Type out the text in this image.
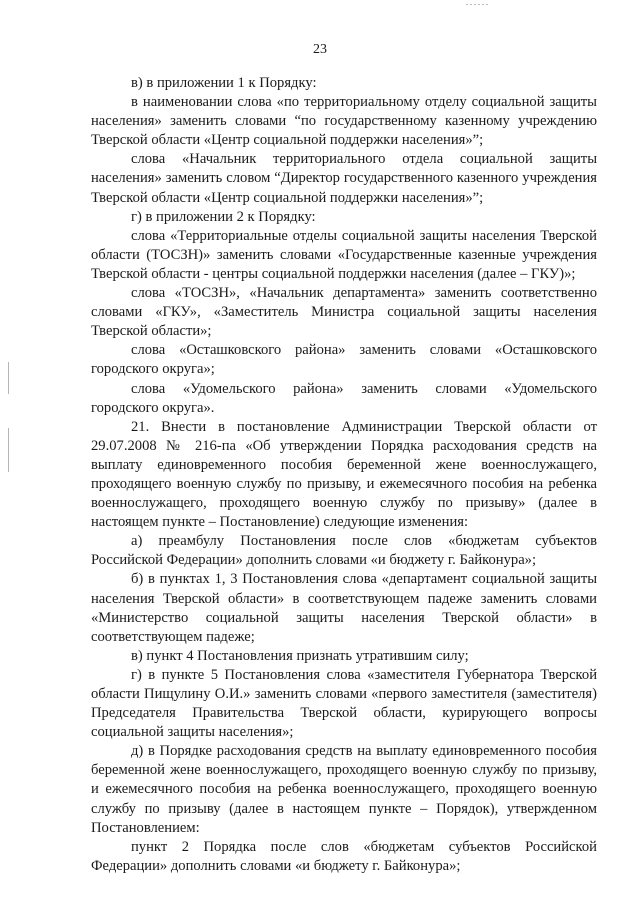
23

в) в приложении 1 к Порядку:

в наименовании слова «по территориальному отделу социальной защиты населения» заменить словами “по государственному казенному учреждению Тверской области «Центр социальной поддержки населения»”;

слова «Начальник территориального отдела социальной защиты населения» заменить словом “Директор государственного казенного учреждения Тверской области «Центр социальной поддержки населения»”;

г) в приложении 2 к Порядку:

слова «Территориальные отделы социальной защиты населения Тверской области (ТОСЗН)» заменить словами «Государственные казенные учреждения Тверской области - центры социальной поддержки населения (далее – ГКУ)»;

слова «ТОСЗН», «Начальник департамента» заменить соответственно словами «ГКУ», «Заместитель Министра социальной защиты населения Тверской области»;

слова «Осташковского района» заменить словами «Осташковского городского округа»;

слова «Удомельского района» заменить словами «Удомельского городского округа».

21. Внести в постановление Администрации Тверской области от 29.07.2008 № 216-па «Об утверждении Порядка расходования средств на выплату единовременного пособия беременной жене военнослужащего, проходящего военную службу по призыву, и ежемесячного пособия на ребенка военнослужащего, проходящего военную службу по призыву» (далее в настоящем пункте – Постановление) следующие изменения:

а) преамбулу Постановления после слов «бюджетам субъектов Российской Федерации» дополнить словами «и бюджету г. Байконура»;

б) в пунктах 1, 3 Постановления слова «департамент социальной защиты населения Тверской области» в соответствующем падеже заменить словами «Министерство социальной защиты населения Тверской области» в соответствующем падеже;

в) пункт 4 Постановления признать утратившим силу;

г) в пункте 5 Постановления слова «заместителя Губернатора Тверской области Пищулину О.И.» заменить словами «первого заместителя (заместителя) Председателя Правительства Тверской области, курирующего вопросы социальной защиты населения»;

д) в Порядке расходования средств на выплату единовременного пособия беременной жене военнослужащего, проходящего военную службу по призыву, и ежемесячного пособия на ребенка военнослужащего, проходящего военную службу по призыву (далее в настоящем пункте – Порядок), утвержденном Постановлением:

пункт 2 Порядка после слов «бюджетам субъектов Российской Федерации» дополнить словами «и бюджету г. Байконура»;
